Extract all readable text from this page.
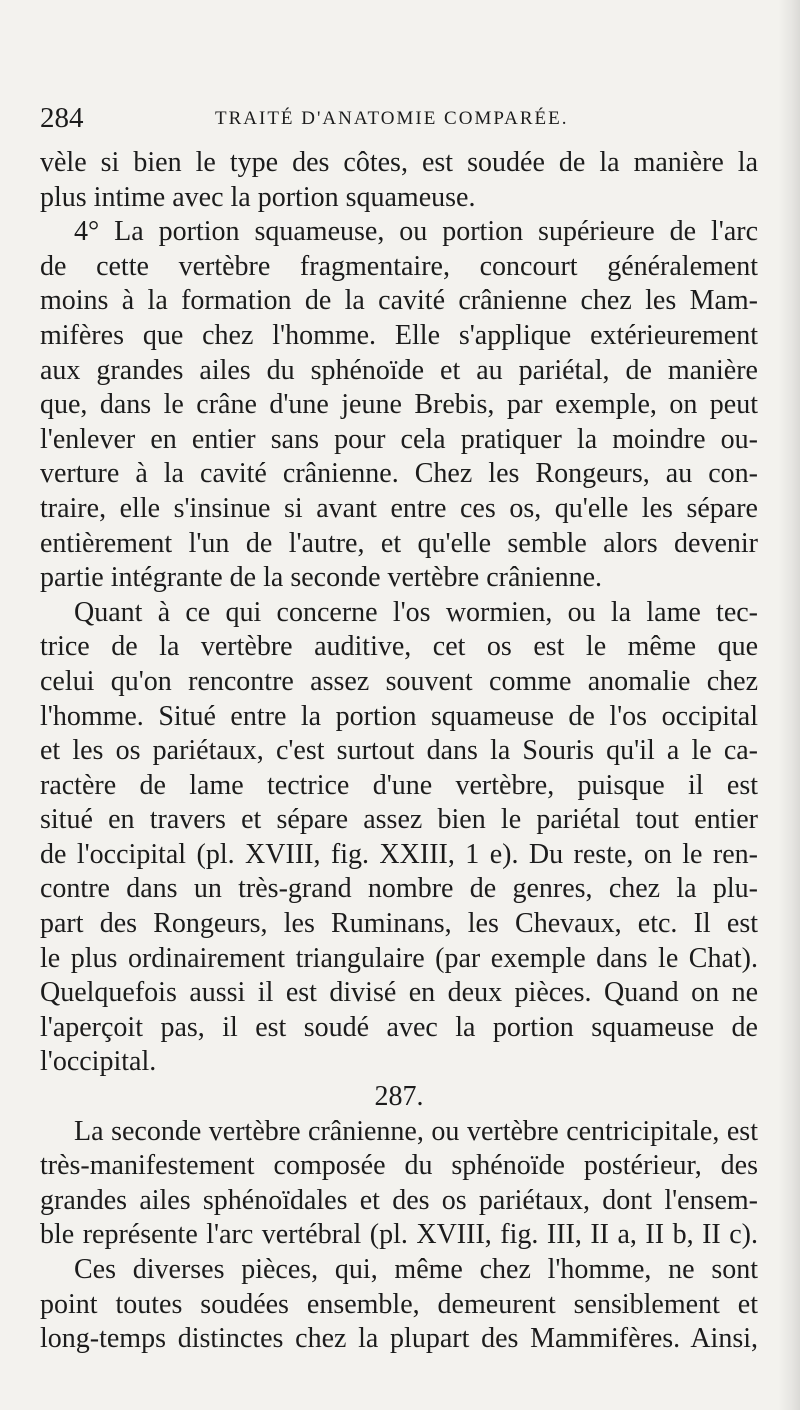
284	TRAITÉ D'ANATOMIE COMPARÉE.
vèle si bien le type des côtes, est soudée de la manière la
plus intime avec la portion squameuse.
4° La portion squameuse, ou portion supérieure de l'arc
de cette vertèbre fragmentaire, concourt généralement
moins à la formation de la cavité crânienne chez les Mam-
mifères que chez l'homme. Elle s'applique extérieurement
aux grandes ailes du sphénoïde et au pariétal, de manière
que, dans le crâne d'une jeune Brebis, par exemple, on peut
l'enlever en entier sans pour cela pratiquer la moindre ou-
verture à la cavité crânienne. Chez les Rongeurs, au con-
traire, elle s'insinue si avant entre ces os, qu'elle les sépare
entièrement l'un de l'autre, et qu'elle semble alors devenir
partie intégrante de la seconde vertèbre crânienne.
Quant à ce qui concerne l'os wormien, ou la lame tec-
trice de la vertèbre auditive, cet os est le même que
celui qu'on rencontre assez souvent comme anomalie chez
l'homme. Situé entre la portion squameuse de l'os occipital
et les os pariétaux, c'est surtout dans la Souris qu'il a le ca-
ractère de lame tectrice d'une vertèbre, puisque il est
situé en travers et sépare assez bien le pariétal tout entier
de l'occipital (pl. XVIII, fig. XXIII, 1 e). Du reste, on le ren-
contre dans un très-grand nombre de genres, chez la plu-
part des Rongeurs, les Ruminans, les Chevaux, etc. Il est
le plus ordinairement triangulaire (par exemple dans le Chat).
Quelquefois aussi il est divisé en deux pièces. Quand on ne
l'aperçoit pas, il est soudé avec la portion squameuse de
l'occipital.
287.
La seconde vertèbre crânienne, ou vertèbre centricipitale, est
très-manifestement composée du sphénoïde postérieur, des
grandes ailes sphénoïdales et des os pariétaux, dont l'ensem-
ble représente l'arc vertébral (pl. XVIII, fig. III, II a, II b, II c).
Ces diverses pièces, qui, même chez l'homme, ne sont
point toutes soudées ensemble, demeurent sensiblement et
long-temps distinctes chez la plupart des Mammifères. Ainsi,
